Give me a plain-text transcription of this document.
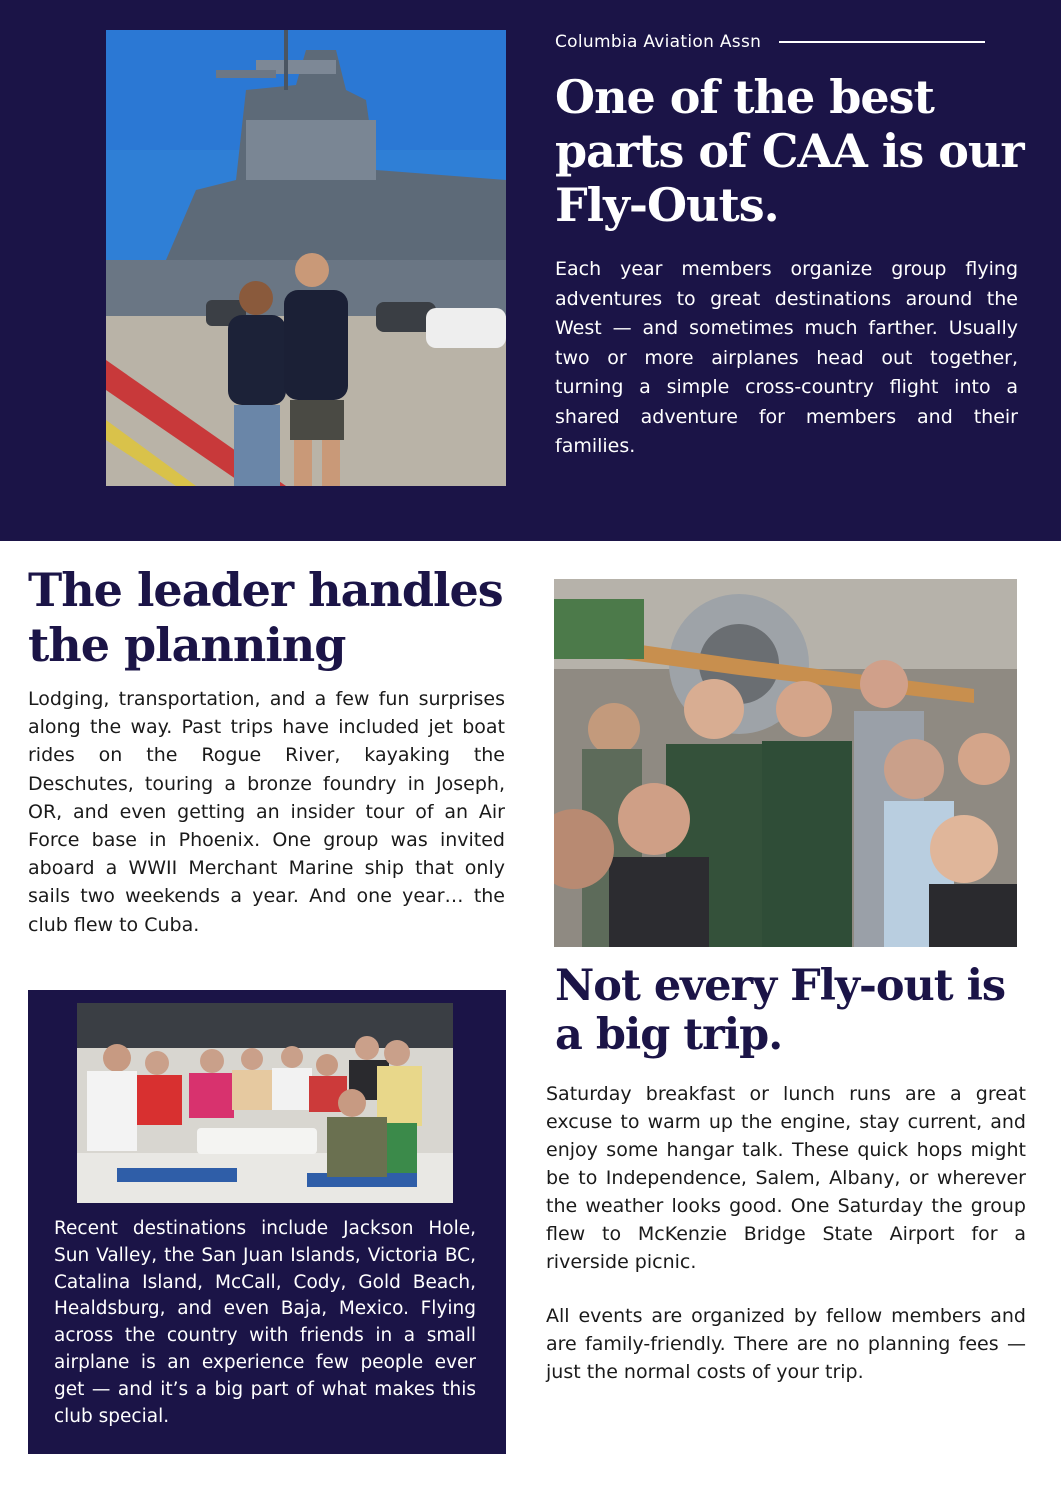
Columbia Aviation Assn
One of the best parts of CAA is our Fly-Outs.

Each year members organize group flying adventures to great destinations around the West — and sometimes much farther. Usually two or more airplanes head out together, turning a simple cross-country flight into a shared adventure for members and their families.

The leader handles the planning

Lodging, transportation, and a few fun surprises along the way. Past trips have included jet boat rides on the Rogue River, kayaking the Deschutes, touring a bronze foundry in Joseph, OR, and even getting an insider tour of an Air Force base in Phoenix. One group was invited aboard a WWII Merchant Marine ship that only sails two weekends a year. And one year… the club flew to Cuba.

Recent destinations include Jackson Hole, Sun Valley, the San Juan Islands, Victoria BC, Catalina Island, McCall, Cody, Gold Beach, Healdsburg, and even Baja, Mexico. Flying across the country with friends in a small airplane is an experience few people ever get — and it’s a big part of what makes this club special.

Not every Fly-out is a big trip.

Saturday breakfast or lunch runs are a great excuse to warm up the engine, stay current, and enjoy some hangar talk. These quick hops might be to Independence, Salem, Albany, or wherever the weather looks good. One Saturday the group flew to McKenzie Bridge State Airport for a riverside picnic.

All events are organized by fellow members and are family-friendly. There are no planning fees — just the normal costs of your trip.
